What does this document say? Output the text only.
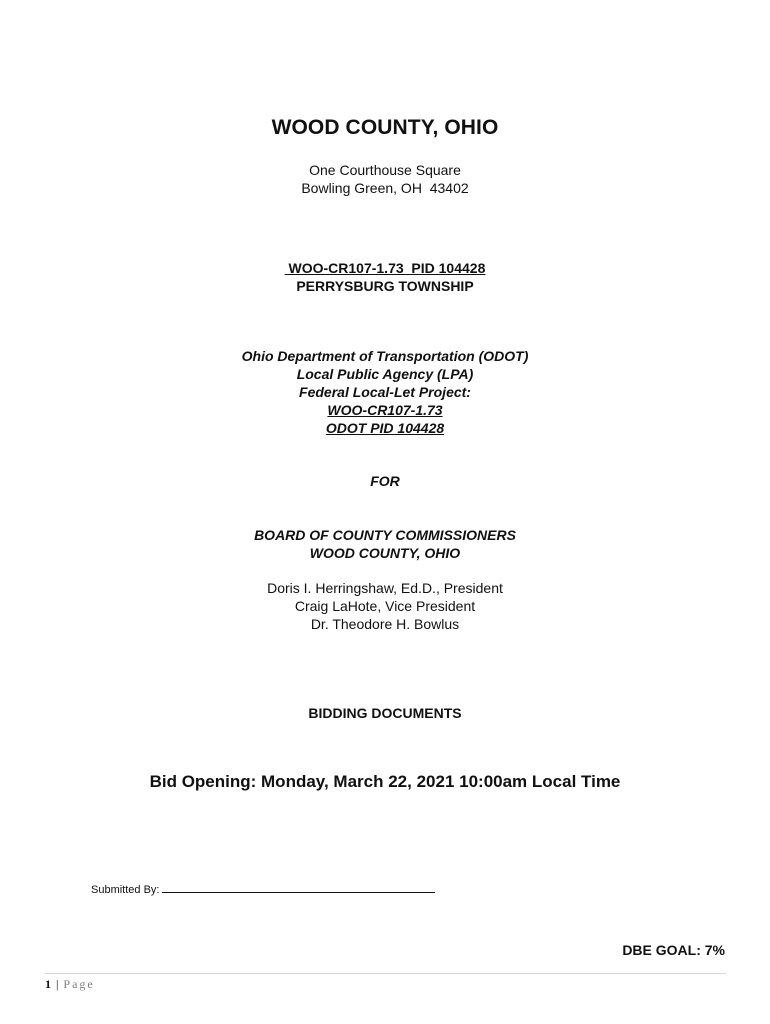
WOOD COUNTY, OHIO
One Courthouse Square
Bowling Green, OH  43402
WOO-CR107-1.73  PID 104428
PERRYSBURG TOWNSHIP
Ohio Department of Transportation (ODOT)
Local Public Agency (LPA)
Federal Local-Let Project:
WOO-CR107-1.73
ODOT PID 104428
FOR
BOARD OF COUNTY COMMISSIONERS
WOOD COUNTY, OHIO
Doris I. Herringshaw, Ed.D., President
Craig LaHote, Vice President
Dr. Theodore H. Bowlus
BIDDING DOCUMENTS
Bid Opening: Monday, March 22, 2021 10:00am Local Time
Submitted By:
DBE GOAL: 7%
1 | Page
